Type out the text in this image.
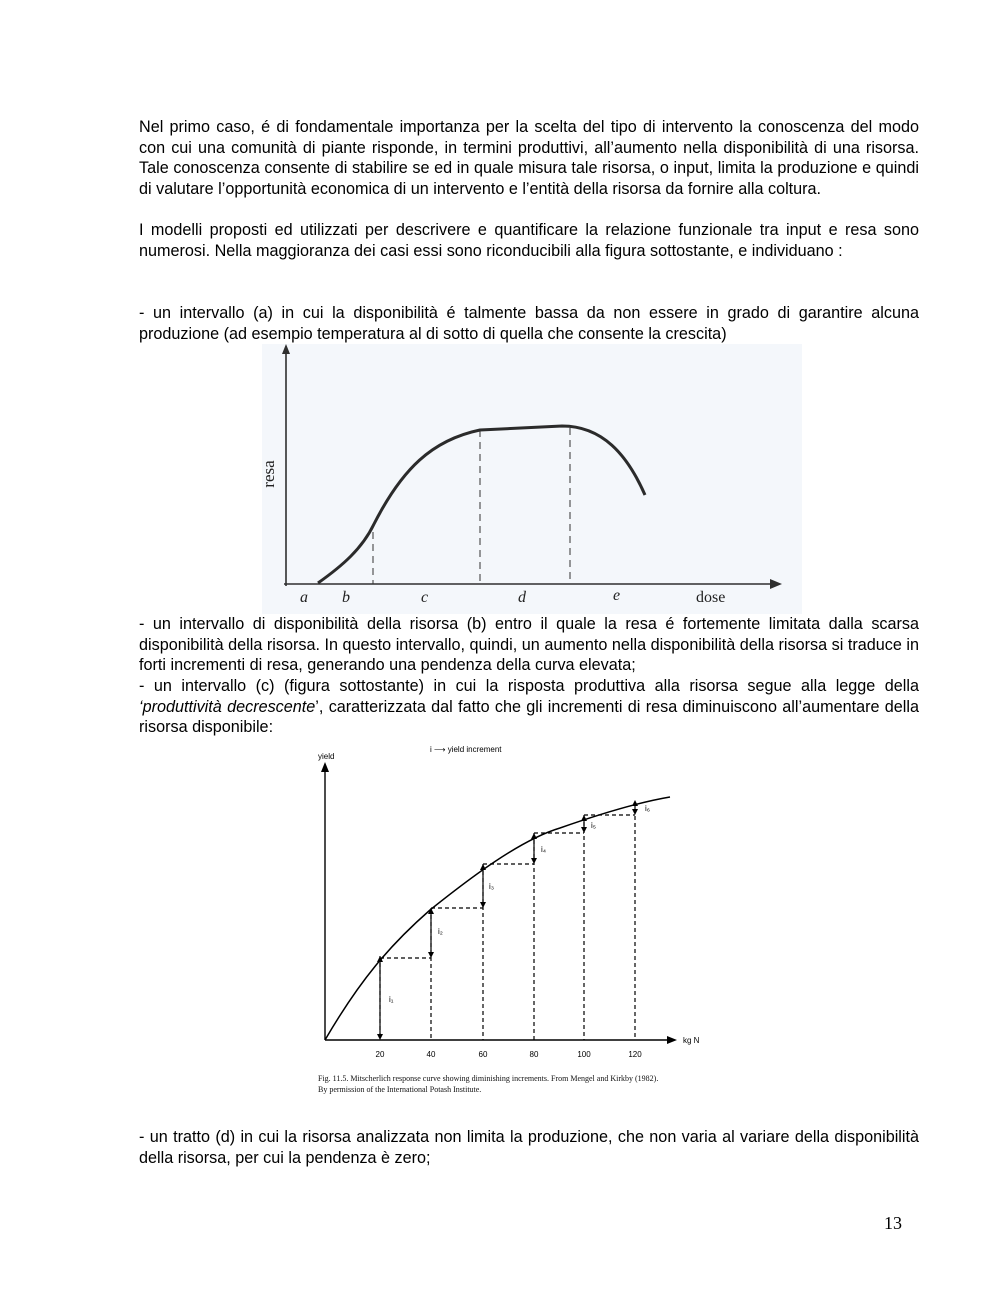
Nel primo caso, é di fondamentale importanza per la scelta del tipo di intervento la conoscenza del modo con cui una comunità di piante risponde, in termini produttivi, all’aumento nella disponibilità di una risorsa. Tale conoscenza consente di stabilire se ed in quale misura tale risorsa, o input, limita la produzione e quindi di valutare l’opportunità economica di un intervento e l’entità della risorsa da fornire alla coltura.

I modelli proposti ed utilizzati per descrivere e quantificare la relazione funzionale tra input e resa sono numerosi. Nella maggioranza dei casi essi sono riconducibili alla figura sottostante, e individuano :

- un intervallo (a) in cui la disponibilità é talmente bassa da non essere in grado di garantire alcuna produzione (ad esempio temperatura al di sotto di quella che consente la crescita)

resa
a b	c	d	e	dose

- un intervallo di disponibilità della risorsa (b) entro il quale la resa é fortemente limitata dalla scarsa disponibilità della risorsa. In questo intervallo, quindi, un aumento nella disponibilità della risorsa si traduce in forti incrementi di resa, generando una pendenza della curva elevata;

- un intervallo (c) (figura sottostante) in cui la risposta produttiva alla risorsa segue alla legge della ‘produttività decrescente’, caratterizzata dal fatto che gli incrementi di resa diminuiscono all’aumentare della risorsa disponibile:

yield
i ⟶ yield increment
kg N
i₁
i₂
i₃
i₄
i₅
i₆
20	40	60	80	100	120
Fig. 11.5. Mitscherlich response curve showing diminishing increments. From Mengel and Kirkby (1982).
By permission of the International Potash Institute.

- un tratto (d) in cui la risorsa analizzata non limita la produzione, che non varia al variare della disponibilità della risorsa, per cui la pendenza è zero;

13
